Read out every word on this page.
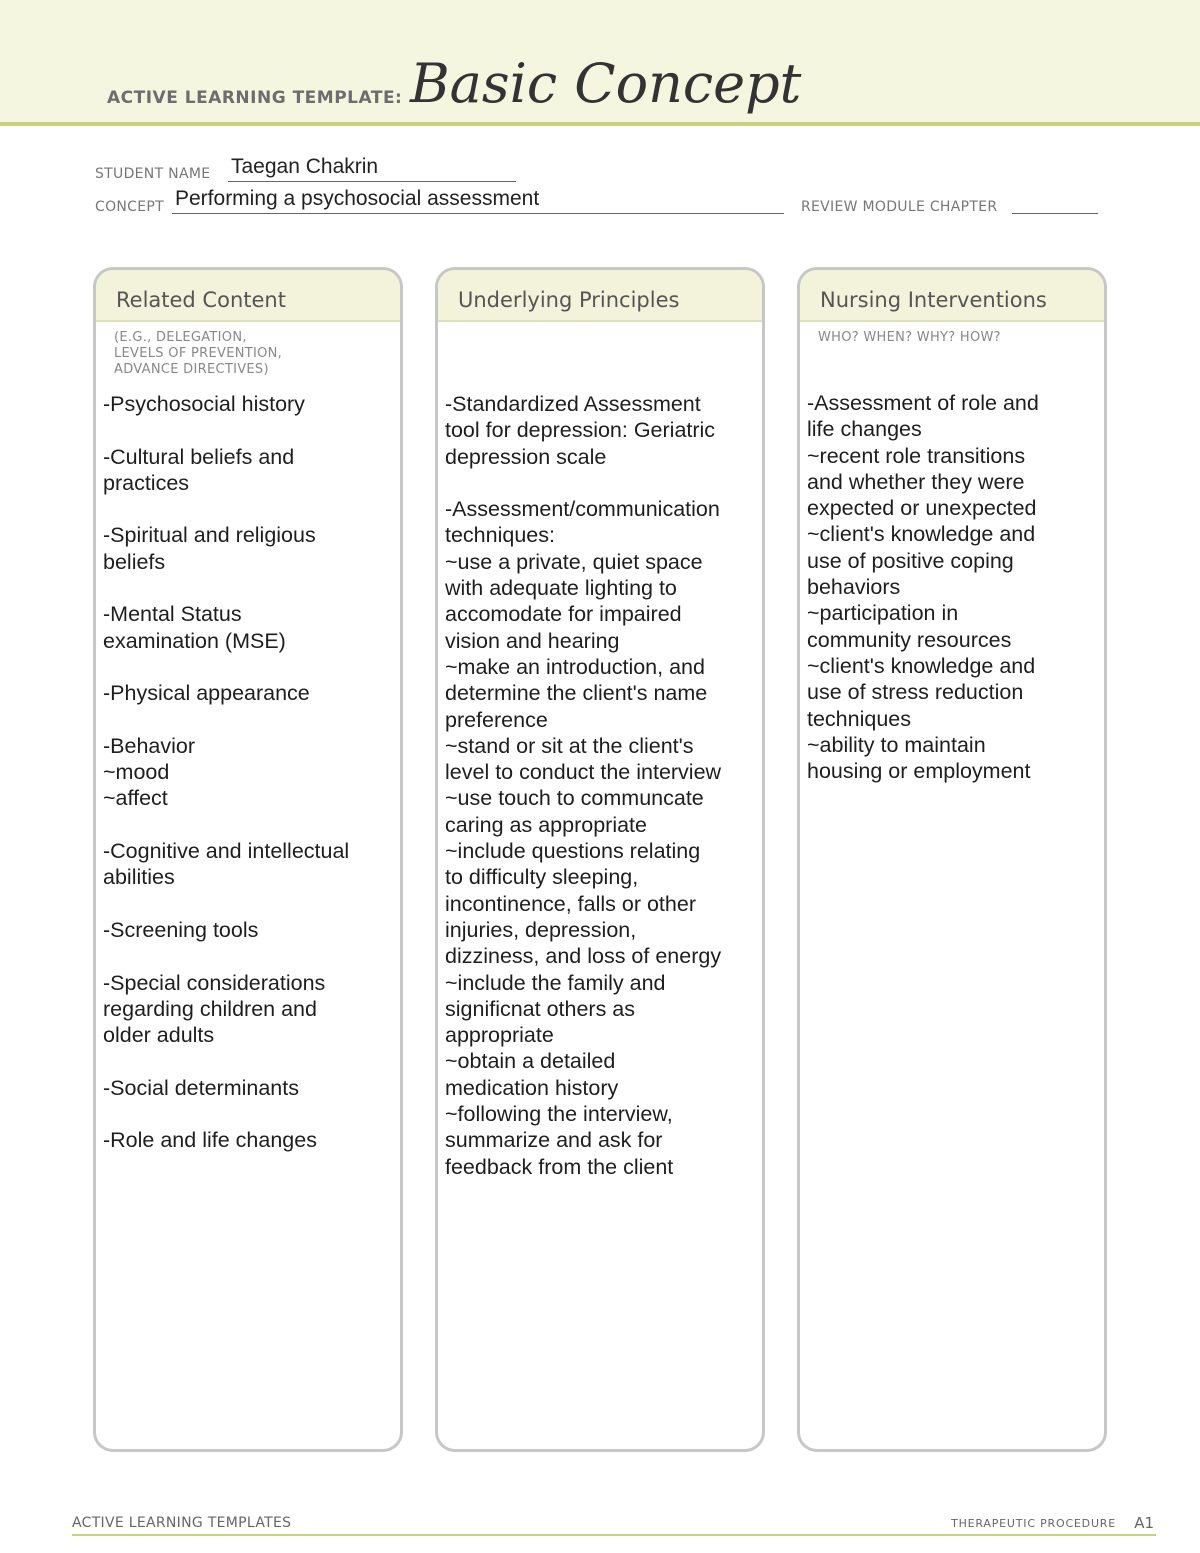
ACTIVE LEARNING TEMPLATE: Basic Concept
STUDENT NAME Taegan Chakrin
CONCEPT Performing a psychosocial assessment	REVIEW MODULE CHAPTER
Related Content
(E.G., DELEGATION,
LEVELS OF PREVENTION,
ADVANCE DIRECTIVES)
-Psychosocial history

-Cultural beliefs and
practices

-Spiritual and religious
beliefs

-Mental Status
examination (MSE)

-Physical appearance

-Behavior
~mood
~affect

-Cognitive and intellectual
abilities

-Screening tools

-Special considerations
regarding children and
older adults

-Social determinants

-Role and life changes
Underlying Principles
-Standardized Assessment
tool for depression: Geriatric
depression scale

-Assessment/communication
techniques:
~use a private, quiet space
with adequate lighting to
accomodate for impaired
vision and hearing
~make an introduction, and
determine the client's name
preference
~stand or sit at the client's
level to conduct the interview
~use touch to communcate
caring as appropriate
~include questions relating
to difficulty sleeping,
incontinence, falls or other
injuries, depression,
dizziness, and loss of energy
~include the family and
significnat others as
appropriate
~obtain a detailed
medication history
~following the interview,
summarize and ask for
feedback from the client
Nursing Interventions
WHO? WHEN? WHY? HOW?
-Assessment of role and
life changes
~recent role transitions
and whether they were
expected or unexpected
~client's knowledge and
use of positive coping
behaviors
~participation in
community resources
~client's knowledge and
use of stress reduction
techniques
~ability to maintain
housing or employment
ACTIVE LEARNING TEMPLATES	THERAPEUTIC PROCEDURE A1
